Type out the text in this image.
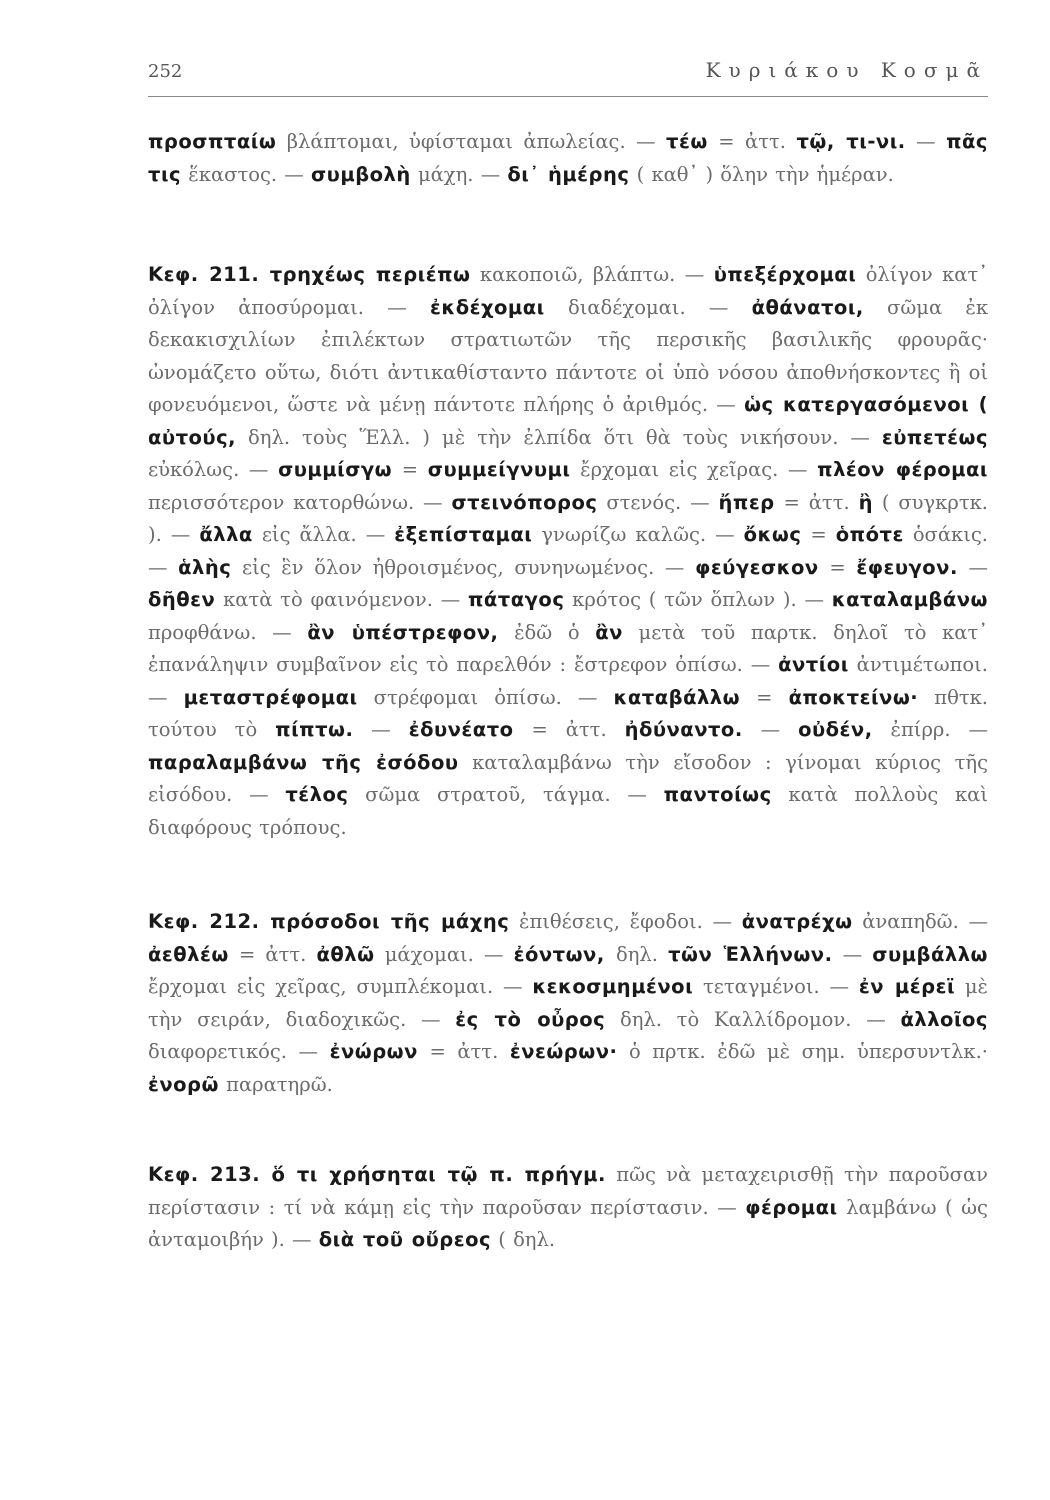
252	Κυριάκου Κοσμᾶ

προσπταίω βλάπτομαι, ὑφίσταμαι ἀπωλείας. — τέω = ἀττ. τῷ, τι-νι. — πᾶς τις ἕκαστος. — συμβολὴ μάχη. — δι᾽ ἡμέρης ( καθ᾽ ) ὅλην τὴν ἡμέραν.

Κεφ. 211. τρηχέως περιέπω κακοποιῶ, βλάπτω. — ὑπεξέρχομαι ὀλίγον κατ᾽ ὀλίγον ἀποσύρομαι. — ἐκδέχομαι διαδέχομαι. — ἀθάνατοι, σῶμα ἐκ δεκακισχιλίων ἐπιλέκτων στρατιωτῶν τῆς περσικῆς βασιλικῆς φρουρᾶς· ὠνομάζετο οὕτω, διότι ἀντικαθίσταντο πάντοτε οἱ ὑπὸ νόσου ἀποθνήσκοντες ἢ οἱ φονευόμενοι, ὥστε νὰ μένῃ πάντοτε πλήρης ὁ ἀριθμός. — ὡς κατεργασόμενοι ( αὐτούς, δηλ. τοὺς Ἕλλ. ) μὲ τὴν ἐλπίδα ὅτι θὰ τοὺς νικήσουν. — εὐπετέως εὐκόλως. — συμμίσγω = συμμείγνυμι ἔρχομαι εἰς χεῖρας. — πλέον φέρομαι περισσότερον κατορθώνω. — στεινόπορος στενός. — ἤπερ = ἀττ. ἢ ( συγκρτκ. ). — ἄλλα εἰς ἄλλα. — ἐξεπίσταμαι γνωρίζω καλῶς. — ὄκως = ὁπότε ὁσάκις. — ἁλὴς εἰς ἓν ὅλον ἠθροισμένος, συνηνωμένος. — φεύγεσκον = ἔφευγον. — δῆθεν κατὰ τὸ φαινόμενον. — πάταγος κρότος ( τῶν ὅπλων ). — καταλαμβάνω προφθάνω. — ἂν ὑπέστρεφον, ἐδῶ ὁ ἂν μετὰ τοῦ παρτκ. δηλοῖ τὸ κατ᾽ ἐπανάληψιν συμβαῖνον εἰς τὸ παρελθόν : ἔστρεφον ὀπίσω. — ἀντίοι ἀντιμέτωποι. — μεταστρέφομαι στρέφομαι ὀπίσω. — καταβάλλω = ἀποκτείνω· πθτκ. τούτου τὸ πίπτω. — ἐδυνέατο = ἀττ. ἠδύναντο. — οὐδέν, ἐπίρρ. — παραλαμβάνω τῆς ἐσόδου καταλαμβάνω τὴν εἴσοδον : γίνομαι κύριος τῆς εἰσόδου. — τέλος σῶμα στρατοῦ, τάγμα. — παντοίως κατὰ πολλοὺς καὶ διαφόρους τρόπους.

Κεφ. 212. πρόσοδοι τῆς μάχης ἐπιθέσεις, ἔφοδοι. — ἀνατρέχω ἀναπηδῶ. — ἀεθλέω = ἀττ. ἀθλῶ μάχομαι. — ἐόντων, δηλ. τῶν Ἑλλήνων. — συμβάλλω ἔρχομαι εἰς χεῖρας, συμπλέκομαι. — κεκοσμημένοι τεταγμένοι. — ἐν μέρεϊ μὲ τὴν σειράν, διαδοχικῶς. — ἐς τὸ οὖρος δηλ. τὸ Καλλίδρομον. — ἀλλοῖος διαφορετικός. — ἐνώρων = ἀττ. ἐνεώρων· ὁ πρτκ. ἐδῶ μὲ σημ. ὑπερσυντλκ.· ἐνορῶ παρατηρῶ.

Κεφ. 213. ὅ τι χρήσηται τῷ π. πρήγμ. πῶς νὰ μεταχειρισθῇ τὴν παροῦσαν περίστασιν : τί νὰ κάμῃ εἰς τὴν παροῦσαν περίστασιν. — φέρομαι λαμβάνω ( ὡς ἀνταμοιβήν ). — διὰ τοῦ οὔρεος ( δηλ.
